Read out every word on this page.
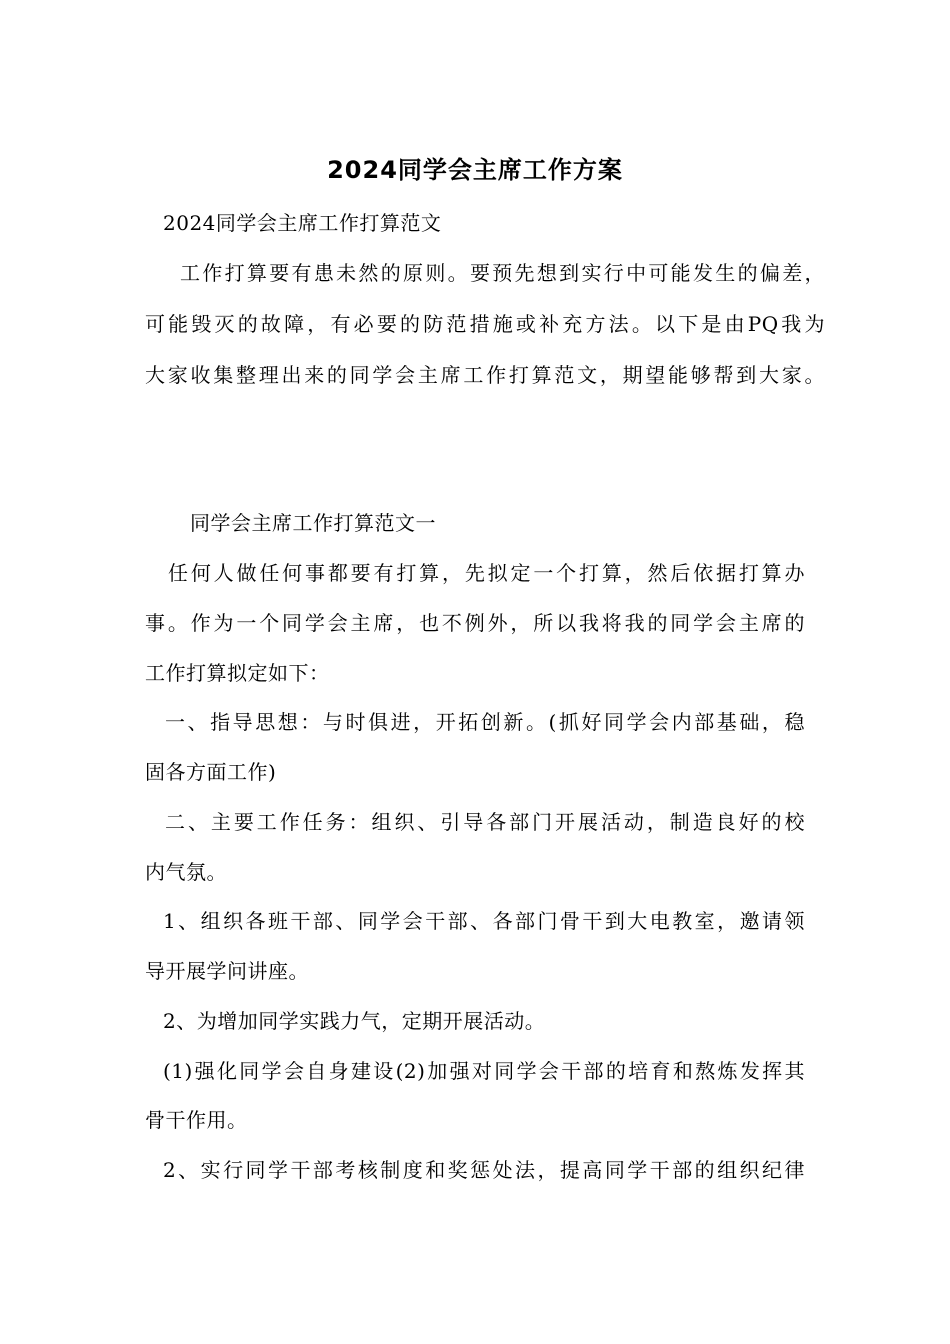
2024同学会主席工作方案
2024同学会主席工作打算范文
工作打算要有患未然的原则。要预先想到实行中可能发生的偏差，
可能毁灭的故障，有必要的防范措施或补充方法。以下是由PQ我为
大家收集整理出来的同学会主席工作打算范文，期望能够帮到大家。
同学会主席工作打算范文一
任何人做任何事都要有打算，先拟定一个打算，然后依据打算办
事。作为一个同学会主席，也不例外，所以我将我的同学会主席的
工作打算拟定如下：
一、指导思想：与时俱进，开拓创新。(抓好同学会内部基础，稳
固各方面工作)
二、主要工作任务：组织、引导各部门开展活动，制造良好的校
内气氛。
1、组织各班干部、同学会干部、各部门骨干到大电教室，邀请领
导开展学问讲座。
2、为增加同学实践力气，定期开展活动。
(1)强化同学会自身建设(2)加强对同学会干部的培育和熬炼发挥其
骨干作用。
2、实行同学干部考核制度和奖惩处法，提高同学干部的组织纪律
